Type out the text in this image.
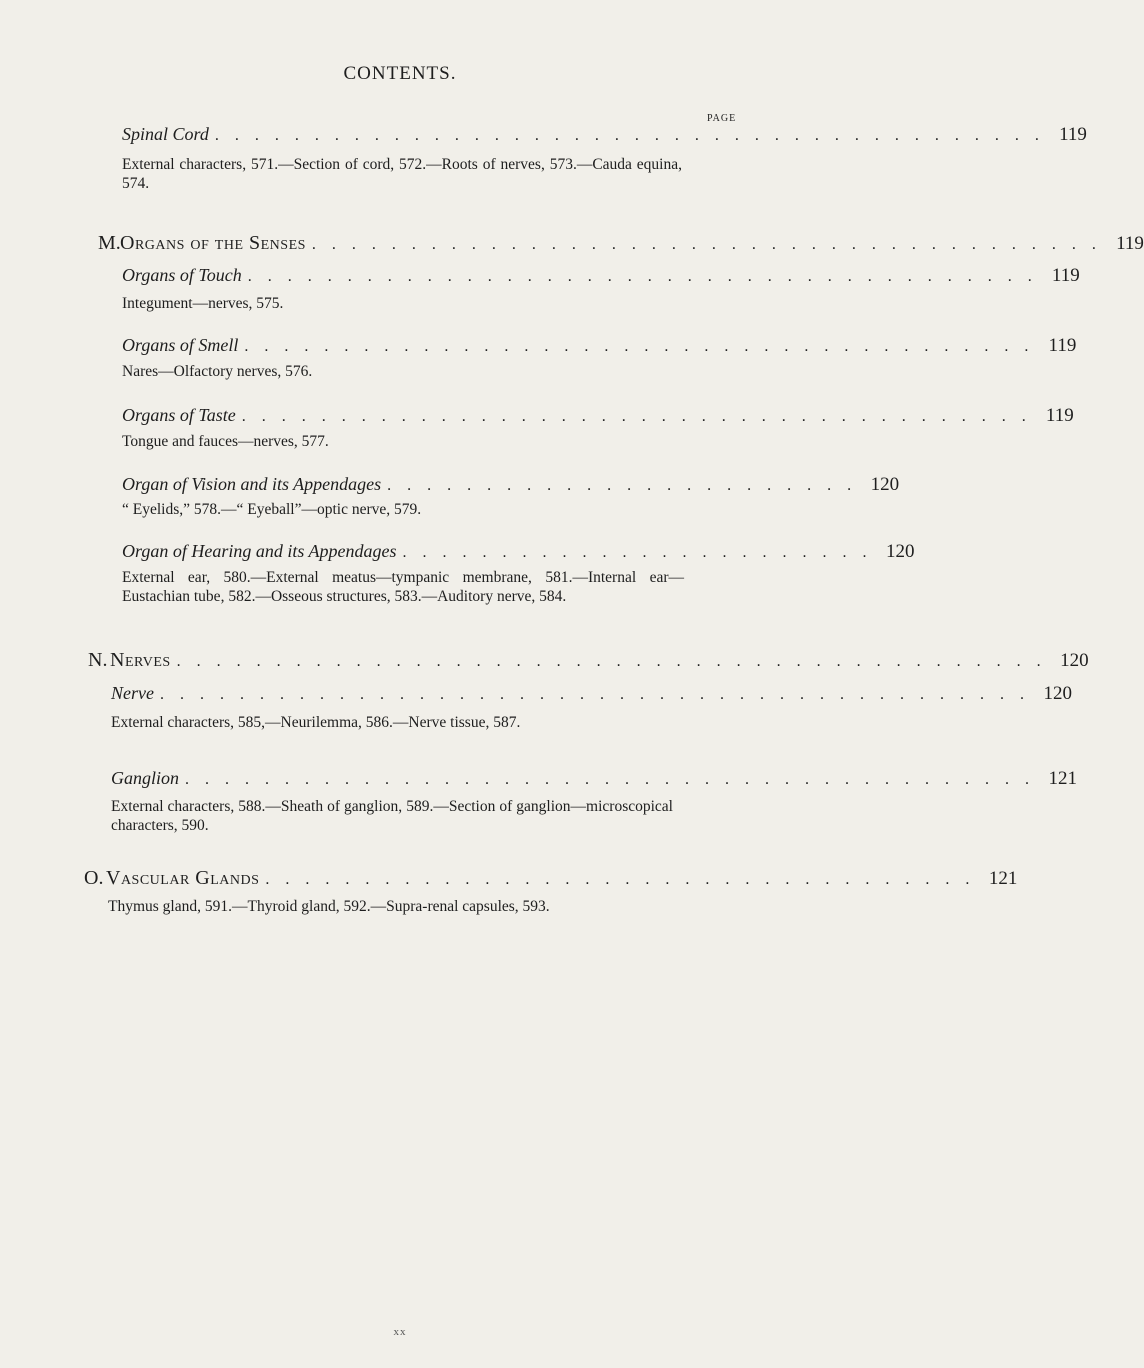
CONTENTS.
PAGE
Spinal Cord . . . . . . . . . . . . . . . . . . . . . . . . . . . . . . . . . . . . . . . . . . 119
External characters, 571.—Section of cord, 572.—Roots of nerves, 573.—Cauda equina, 574.
M.Organs of the Senses . . . . . . . . . . . . . . . . . . . . . . . . . . . . . . . . . . . . . . . . 119
Organs of Touch . . . . . . . . . . . . . . . . . . . . . . . . . . . . . . . . . . . . . . . . 119
Integument—nerves, 575.
Organs of Smell . . . . . . . . . . . . . . . . . . . . . . . . . . . . . . . . . . . . . . . . 119
Nares—Olfactory nerves, 576.
Organs of Taste . . . . . . . . . . . . . . . . . . . . . . . . . . . . . . . . . . . . . . . . 119
Tongue and fauces—nerves, 577.
Organ of Vision and its Appendages . . . . . . . . . . . . . . . . . . . . . . . . 120
“ Eyelids,” 578.—“ Eyeball”—optic nerve, 579.
Organ of Hearing and its Appendages . . . . . . . . . . . . . . . . . . . . . . . . 120
External ear, 580.—External meatus—tympanic membrane, 581.—Internal ear—Eustachian tube, 582.—Osseous structures, 583.—Auditory nerve, 584.
N. Nerves . . . . . . . . . . . . . . . . . . . . . . . . . . . . . . . . . . . . . . . . . . . . 120
Nerve . . . . . . . . . . . . . . . . . . . . . . . . . . . . . . . . . . . . . . . . . . . . 120
External characters, 585,—Neurilemma, 586.—Nerve tissue, 587.
Ganglion . . . . . . . . . . . . . . . . . . . . . . . . . . . . . . . . . . . . . . . . . . . 121
External characters, 588.—Sheath of ganglion, 589.—Section of ganglion—microscopical characters, 590.
O. Vascular Glands . . . . . . . . . . . . . . . . . . . . . . . . . . . . . . . . . . . . 121
Thymus gland, 591.—Thyroid gland, 592.—Supra-renal capsules, 593.
xx
